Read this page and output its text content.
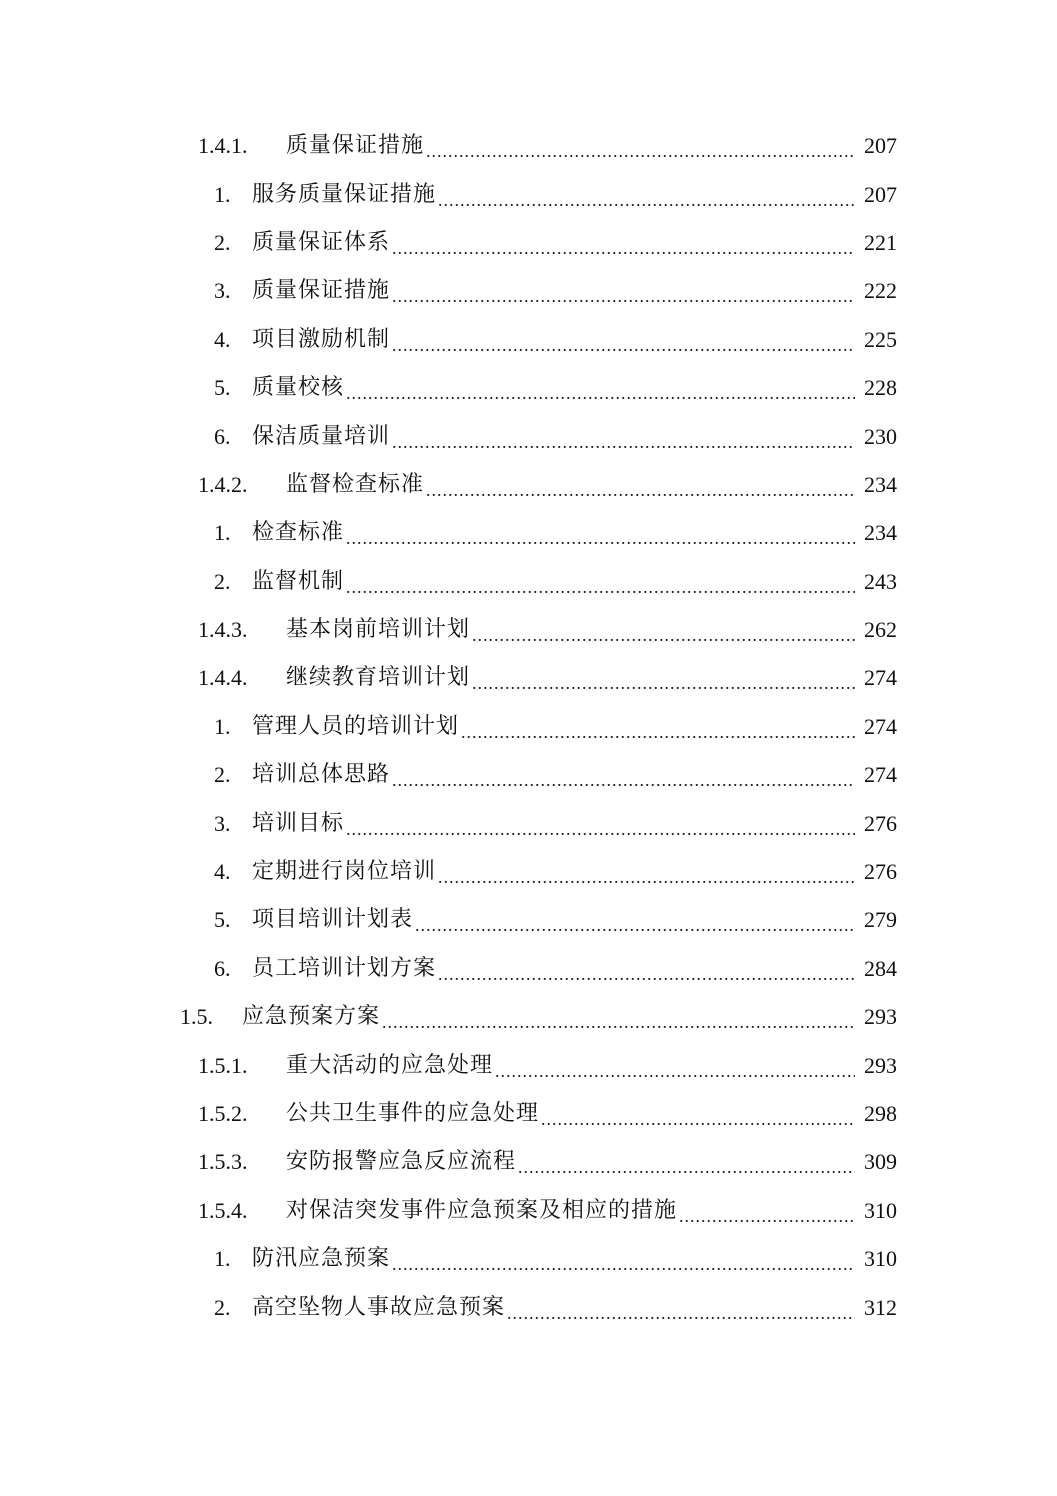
1.4.1.	质量保证措施 .....	207
1. 服务质量保证措施 .....	207
2. 质量保证体系 .....	221
3. 质量保证措施 .....	222
4. 项目激励机制 .....	225
5. 质量校核 .....	228
6. 保洁质量培训 .....	230
1.4.2.	监督检查标准 .....	234
1. 检查标准 .....	234
2. 监督机制 .....	243
1.4.3.	基本岗前培训计划 .....	262
1.4.4.	继续教育培训计划 .....	274
1. 管理人员的培训计划 .....	274
2. 培训总体思路 .....	274
3. 培训目标 .....	276
4. 定期进行岗位培训 .....	276
5. 项目培训计划表 .....	279
6. 员工培训计划方案 .....	284
1.5.	应急预案方案 .....	293
1.5.1.	重大活动的应急处理 .....	293
1.5.2.	公共卫生事件的应急处理 .....	298
1.5.3.	安防报警应急反应流程 .....	309
1.5.4.	对保洁突发事件应急预案及相应的措施 .....	310
1. 防汛应急预案 .....	310
2. 高空坠物人事故应急预案 .....	312
